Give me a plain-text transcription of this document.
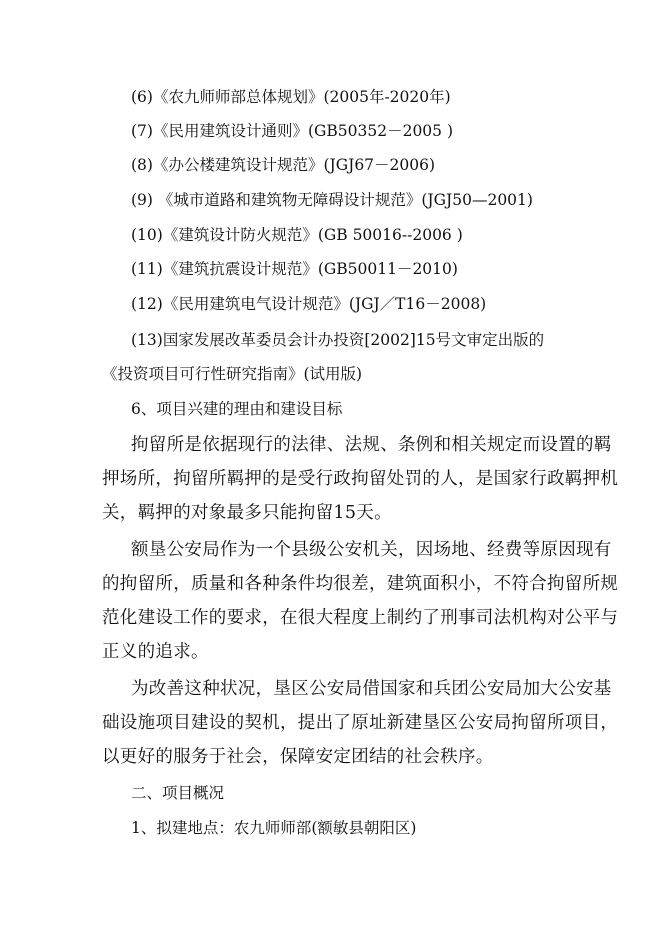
(6)《农九师师部总体规划》(2005年-2020年)
(7)《民用建筑设计通则》(GB50352－2005 )
(8)《办公楼建筑设计规范》(JGJ67－2006)
(9) 《城市道路和建筑物无障碍设计规范》(JGJ50—2001)
(10)《建筑设计防火规范》(GB 50016--2006 )
(11)《建筑抗震设计规范》(GB50011－2010)
(12)《民用建筑电气设计规范》(JGJ／T16－2008)
(13)国家发展改革委员会计办投资[2002]15号文审定出版的
《投资项目可行性研究指南》(试用版)
6、项目兴建的理由和建设目标
拘留所是依据现行的法律、法规、条例和相关规定而设置的羁
押场所，拘留所羁押的是受行政拘留处罚的人，是国家行政羁押机
关，羁押的对象最多只能拘留15天。
额垦公安局作为一个县级公安机关，因场地、经费等原因现有
的拘留所，质量和各种条件均很差，建筑面积小，不符合拘留所规
范化建设工作的要求，在很大程度上制约了刑事司法机构对公平与
正义的追求。
为改善这种状况，垦区公安局借国家和兵团公安局加大公安基
础设施项目建设的契机，提出了原址新建垦区公安局拘留所项目，
以更好的服务于社会，保障安定团结的社会秩序。
二、项目概况
1、拟建地点：农九师师部(额敏县朝阳区)
